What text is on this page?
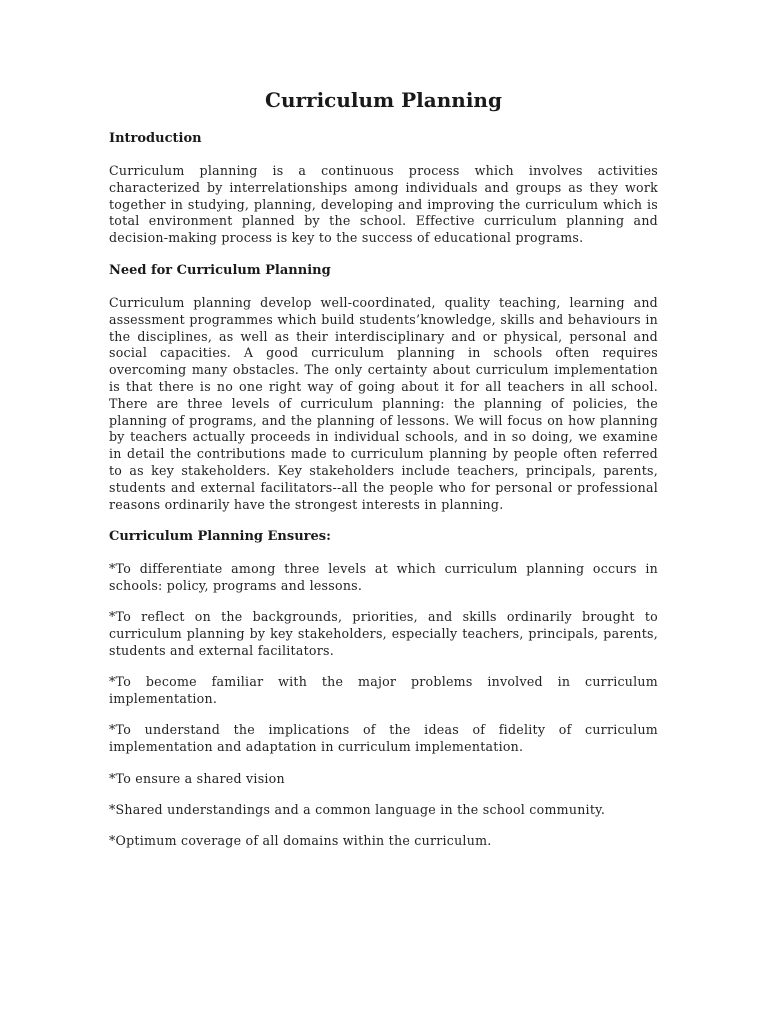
Curriculum Planning
Introduction

Curriculum planning is a continuous process which involves activities characterized by interrelationships among individuals and groups as they work together in studying, planning, developing and improving the curriculum which is total environment planned by the school. Effective curriculum planning and decision-making process is key to the success of educational programs.

Need for Curriculum Planning

Curriculum planning develop well-coordinated, quality teaching, learning and assessment programmes which build students’knowledge, skills and behaviours in the disciplines, as well as their interdisciplinary and or physical, personal and social capacities. A good curriculum planning in schools often requires overcoming many obstacles. The only certainty about curriculum implementation is that there is no one right way of going about it for all teachers in all school. There are three levels of curriculum planning: the planning of policies, the planning of programs, and the planning of lessons. We will focus on how planning by teachers actually proceeds in individual schools, and in so doing, we examine in detail the contributions made to curriculum planning by people often referred to as key stakeholders. Key stakeholders include teachers, principals, parents, students and external facilitators--all the people who for personal or professional reasons ordinarily have the strongest interests in planning.

Curriculum Planning Ensures:

*To differentiate among three levels at which curriculum planning occurs in schools: policy, programs and lessons.

*To reflect on the backgrounds, priorities, and skills ordinarily brought to curriculum planning by key stakeholders, especially teachers, principals, parents, students and external facilitators.

*To become familiar with the major problems involved in curriculum implementation.

*To understand the implications of the ideas of fidelity of curriculum implementation and adaptation in curriculum implementation.

*To ensure a shared vision

*Shared understandings and a common language in the school community.

*Optimum coverage of all domains within the curriculum.
